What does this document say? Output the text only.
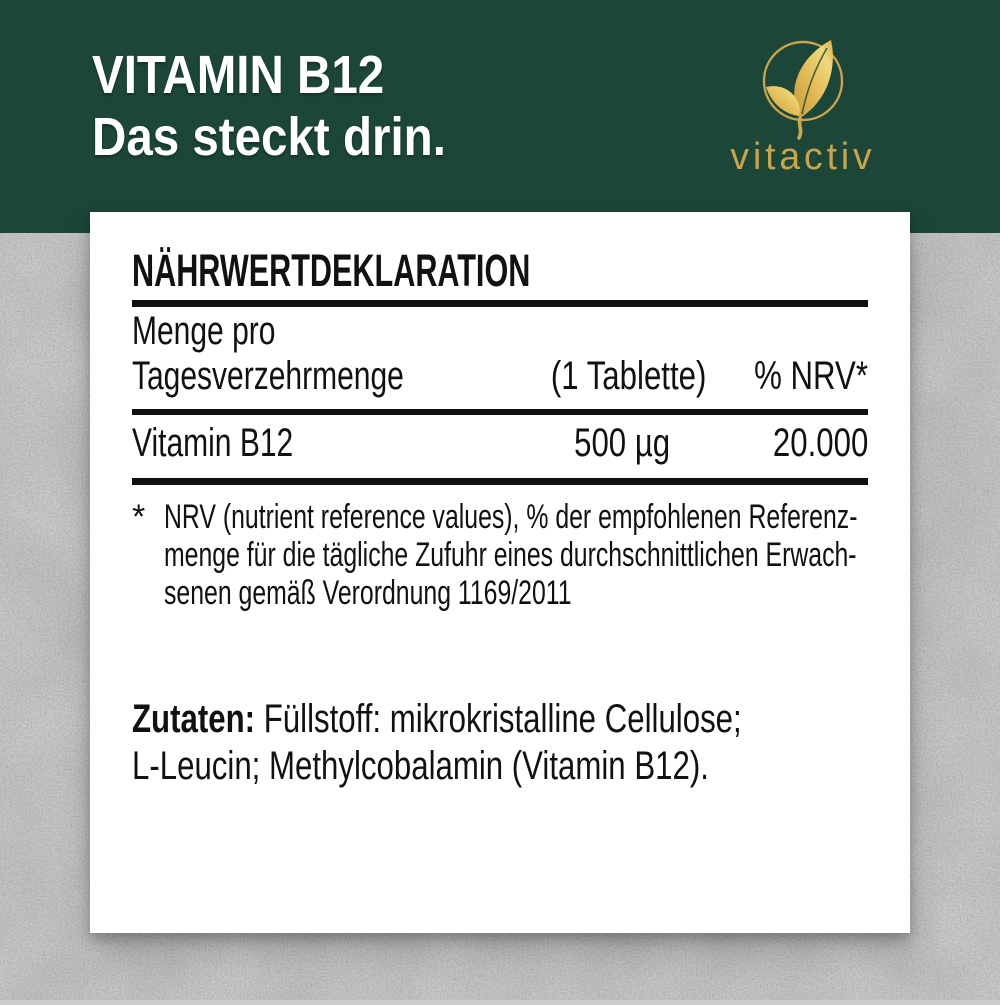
VITAMIN B12
Das steckt drin.	vitactiv
NÄHRWERTDEKLARATION
Menge pro
Tagesverzehrmenge	(1 Tablette)	% NRV*
Vitamin B12	500 µg	20.000
* NRV (nutrient reference values), % der empfohlenen Referenz-
menge für die tägliche Zufuhr eines durchschnittlichen Erwach-
senen gemäß Verordnung 1169/2011
Zutaten: Füllstoff: mikrokristalline Cellulose;
L-Leucin; Methylcobalamin (Vitamin B12).
